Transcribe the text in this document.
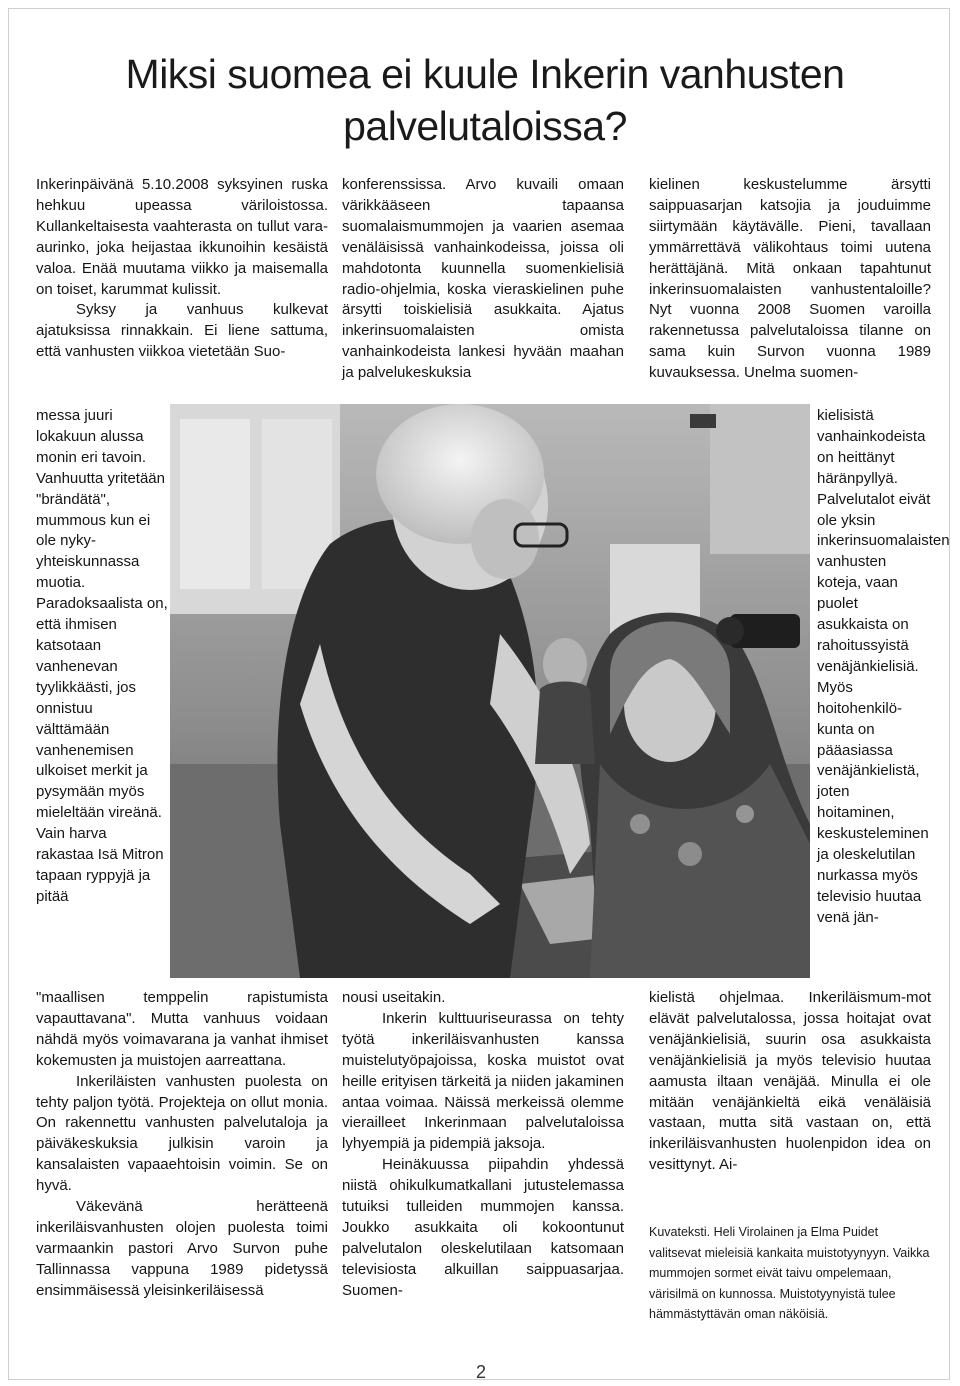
Miksi suomea ei kuule Inkerin vanhusten palvelutaloissa?

Inkerinpäivänä 5.10.2008 syksyinen ruska hehkuu upeassa väriloistossa. Kullankeltaisesta vaahterasta on tullut vara-aurinko, joka heijastaa ikkunoihin kesäistä valoa. Enää muutama viikko ja maisemalla on toiset, karummat kulissit.

Syksy ja vanhuus kulkevat ajatuksissa rinnakkain. Ei liene sattuma, että vanhusten viikkoa vietetään Suo-

messa juuri lokakuun alussa monin eri tavoin. Vanhuutta yritetään "brändätä", mummous kun ei ole nyky-yhteiskunnassa muotia. Paradoksaalista on, että ihmisen katsotaan vanhenevan tyylikkäästi, jos onnistuu välttämään vanhenemisen ulkoiset merkit ja pysymään myös mieleltään vireänä. Vain harva rakastaa Isä Mitron tapaan ryppyjä ja pitää

"maallisen temppelin rapistumista vapauttavana". Mutta vanhuus voidaan nähdä myös voimavarana ja vanhat ihmiset kokemusten ja muistojen aarreattana.

Inkeriläisten vanhusten puolesta on tehty paljon työtä. Projekteja on ollut monia. On rakennettu vanhusten palvelutaloja ja päiväkeskuksia julkisin varoin ja kansalaisten vapaaehtoisin voimin. Se on hyvä.

Väkevänä herätteenä inkeriläisvanhusten olojen puolesta toimi varmaankin pastori Arvo Survon puhe Tallinnassa vappuna 1989 pidetyssä ensimmäisessä yleisinkeriläisessä

konferenssissa. Arvo kuvaili omaan värikkääseen tapaansa suomalaismummojen ja vaarien asemaa venäläisissä vanhainkodeissa, joissa oli mahdotonta kuunnella suomenkielisiä radio-ohjelmia, koska vieraskielinen puhe ärsytti toiskielisiä asukkaita. Ajatus inkerinsuomalaisten omista vanhainkodeista lankesi hyvään maahan ja palvelukeskuksia

nousi useitakin.

Inkerin kulttuuriseurassa on tehty työtä inkeriläisvanhusten kanssa muistelutyöpajoissa, koska muistot ovat heille erityisen tärkeitä ja niiden jakaminen antaa voimaa. Näissä merkeissä olemme vierailleet Inkerinmaan palvelutaloissa lyhyempiä ja pidempiä jaksoja.

Heinäkuussa piipahdin yhdessä niistä ohikulkumatkallani jutustelemassa tutuiksi tulleiden mummojen kanssa. Joukko asukkaita oli kokoontunut palvelutalon oleskelutilaan katsomaan televisiosta alkuillan saippuasarjaa. Suomen-

kielinen keskustelumme ärsytti saippuasarjan katsojia ja jouduimme siirtymään käytävälle. Pieni, tavallaan ymmärrettävä välikohtaus toimi uutena herättäjänä. Mitä onkaan tapahtunut inkerinsuomalaisten vanhustentaloille? Nyt vuonna 2008 Suomen varoilla rakennetussa palvelutaloissa tilanne on sama kuin Survon vuonna 1989 kuvauksessa. Unelma suomen-

kielisistä vanhainkodeista on heittänyt häränpyllyä. Palvelutalot eivät ole yksin inkerinsuomalaisten vanhusten koteja, vaan puolet asukkaista on rahoitussyistä venäjänkielisiä. Myös hoitohenkilö-kunta on pääasiassa venäjänkielistä, joten hoitaminen, keskusteleminen ja oleskelutilan nurkassa myös televisio huutaa venä jän-

kielistä ohjelmaa. Inkeriläismum-mot elävät palvelutalossa, jossa hoitajat ovat venäjänkielisiä, suurin osa asukkaista venäjänkielisiä ja myös televisio huutaa aamusta iltaan venäjää. Minulla ei ole mitään venäjänkieltä eikä venäläisiä vastaan, mutta sitä vastaan on, että inkeriläisvanhusten huolenpidon idea on vesittynyt. Ai-

Kuvateksti. Heli Virolainen ja Elma Puidet valitsevat mieleisiä kankaita muistotyynyyn. Vaikka mummojen sormet eivät taivu ompelemaan, värisilmä on kunnossa. Muistotyynyistä tulee hämmästyttävän oman näköisiä.

2
